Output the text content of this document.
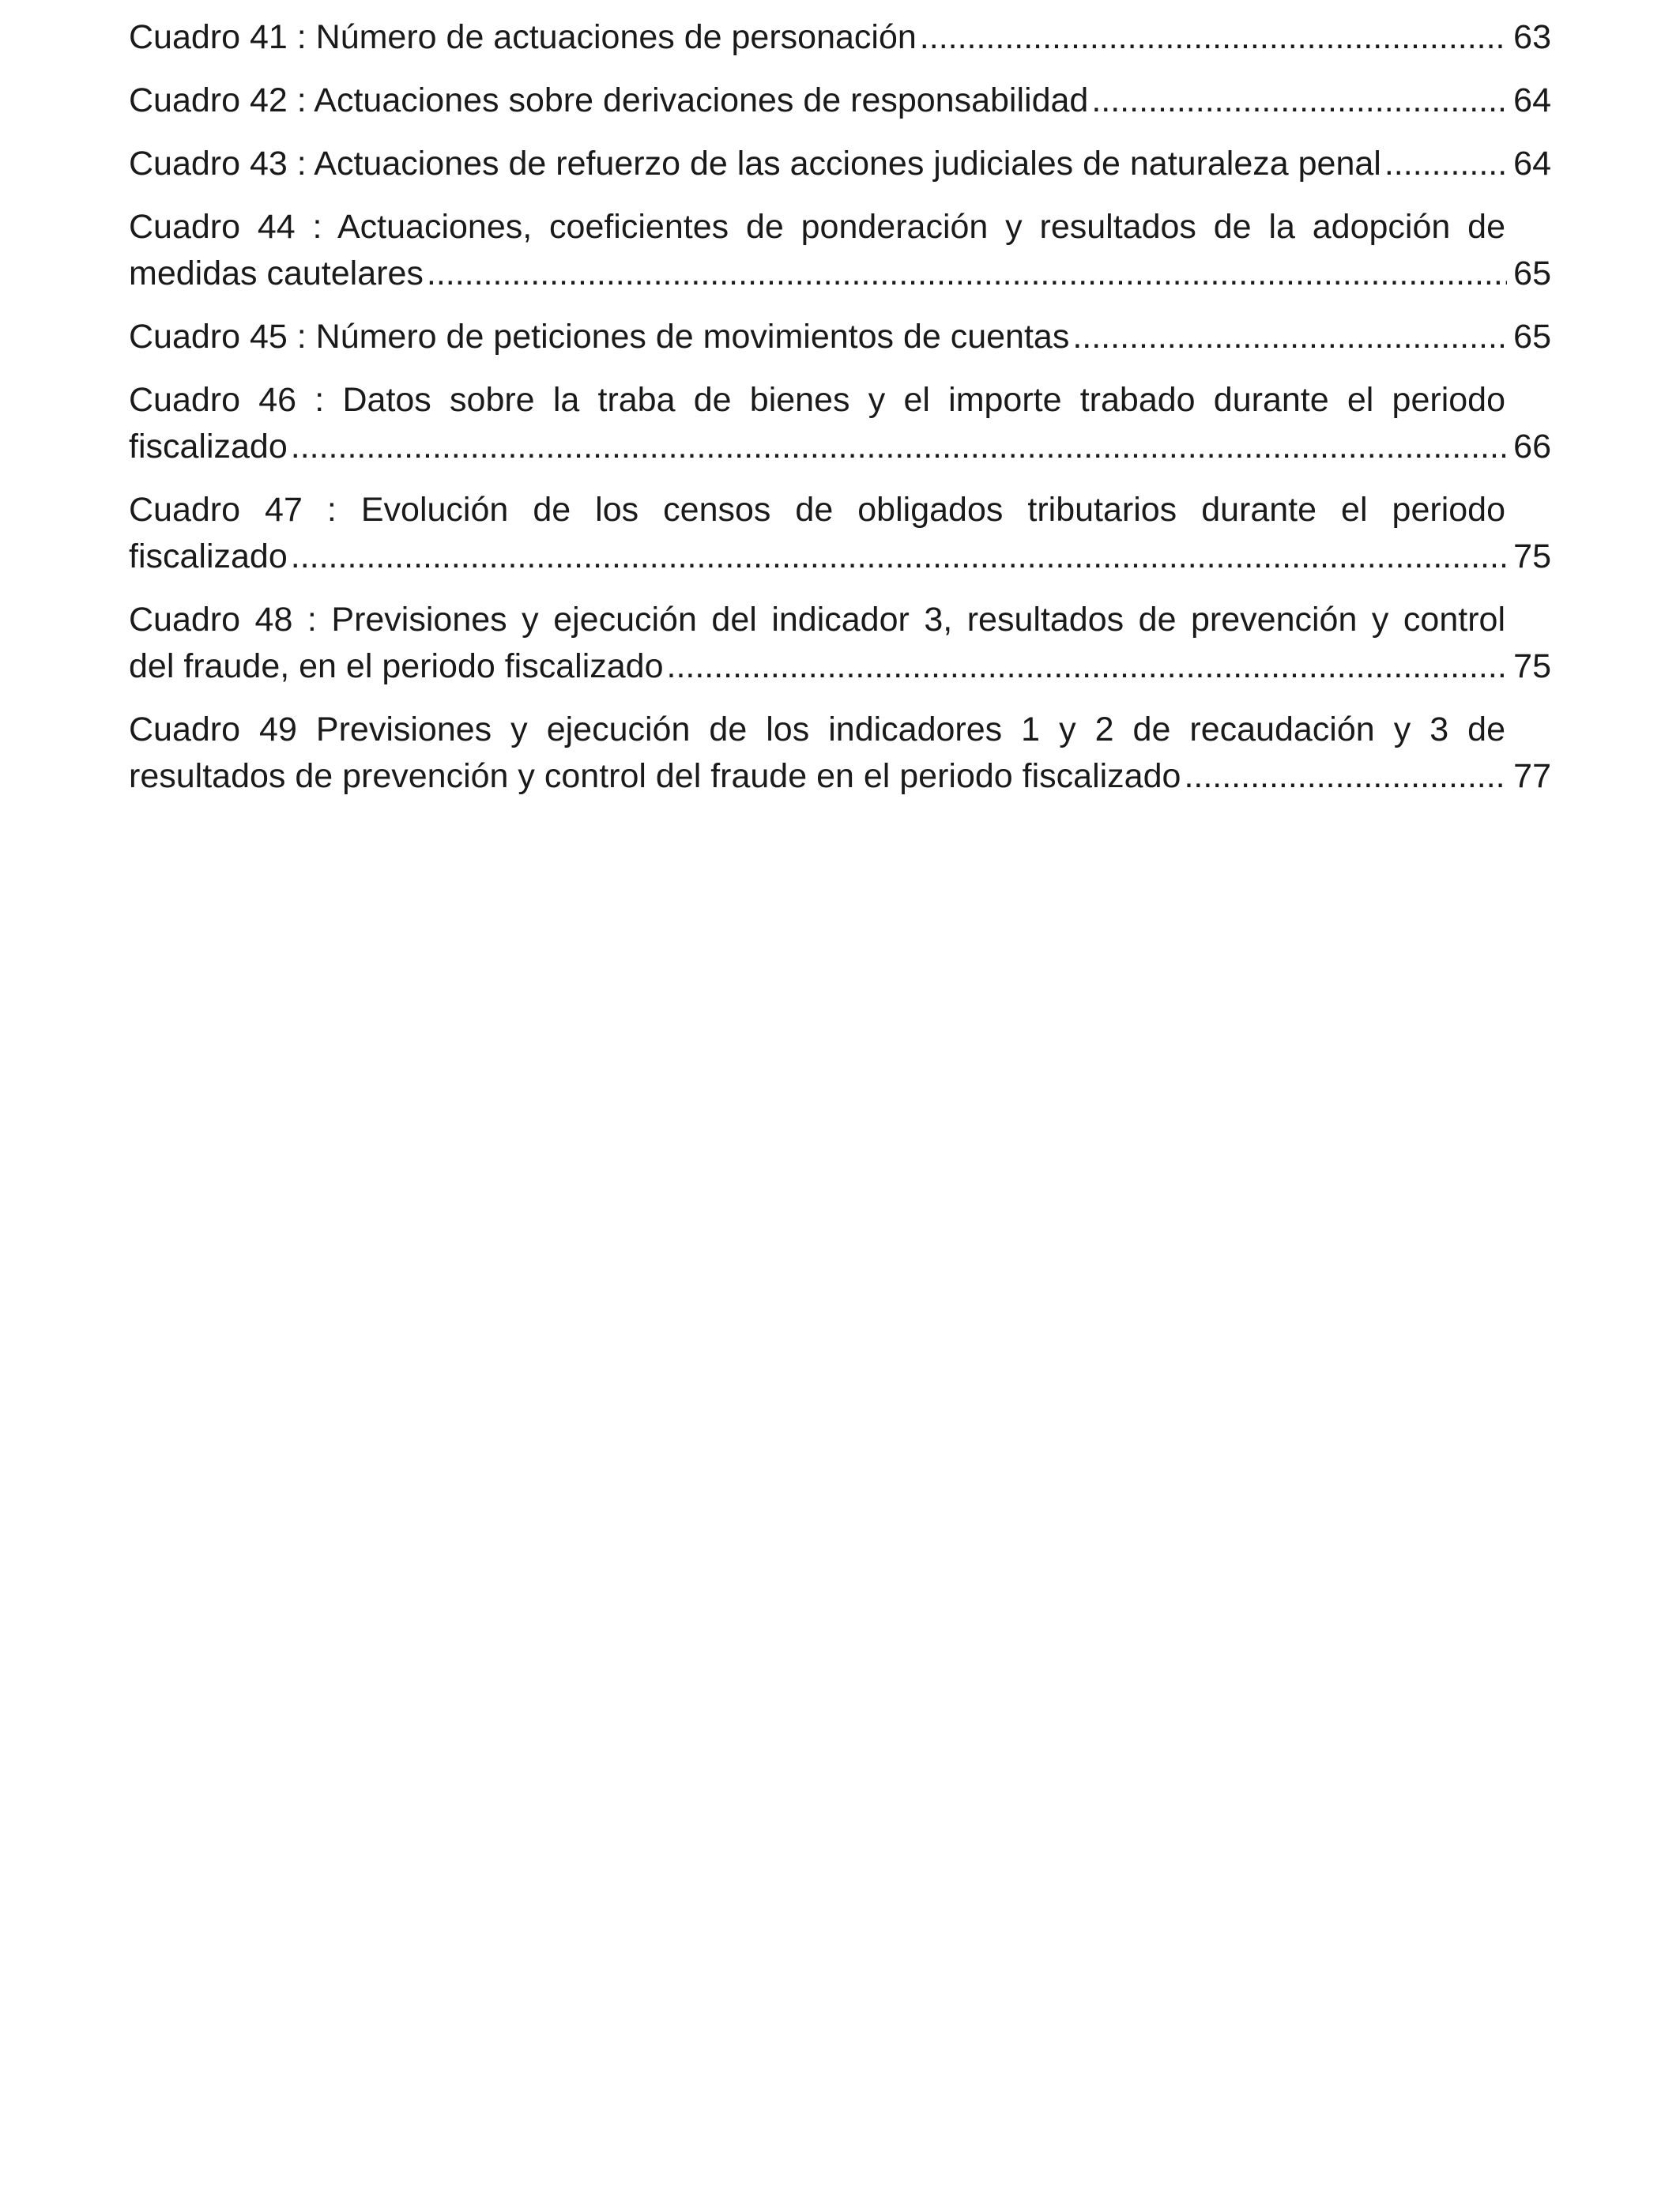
Cuadro 41 : Número de actuaciones de personación .....	63
Cuadro 42 : Actuaciones sobre derivaciones de responsabilidad .....	64
Cuadro 43 : Actuaciones de refuerzo de las acciones judiciales de naturaleza penal .....	64
Cuadro 44 : Actuaciones, coeficientes de ponderación y resultados de la adopción de
medidas cautelares .....	65
Cuadro 45 : Número de peticiones de movimientos de cuentas .....	65
Cuadro 46 : Datos sobre la traba de bienes y el importe trabado durante el periodo
fiscalizado .....	66
Cuadro 47 : Evolución de los censos de obligados tributarios durante el periodo
fiscalizado .....	75
Cuadro 48 : Previsiones y ejecución del indicador 3, resultados de prevención y control
del fraude, en el periodo fiscalizado .....	75
Cuadro 49 Previsiones y ejecución de los indicadores 1 y 2 de recaudación y 3 de
resultados de prevención y control del fraude en el periodo fiscalizado .....	77
